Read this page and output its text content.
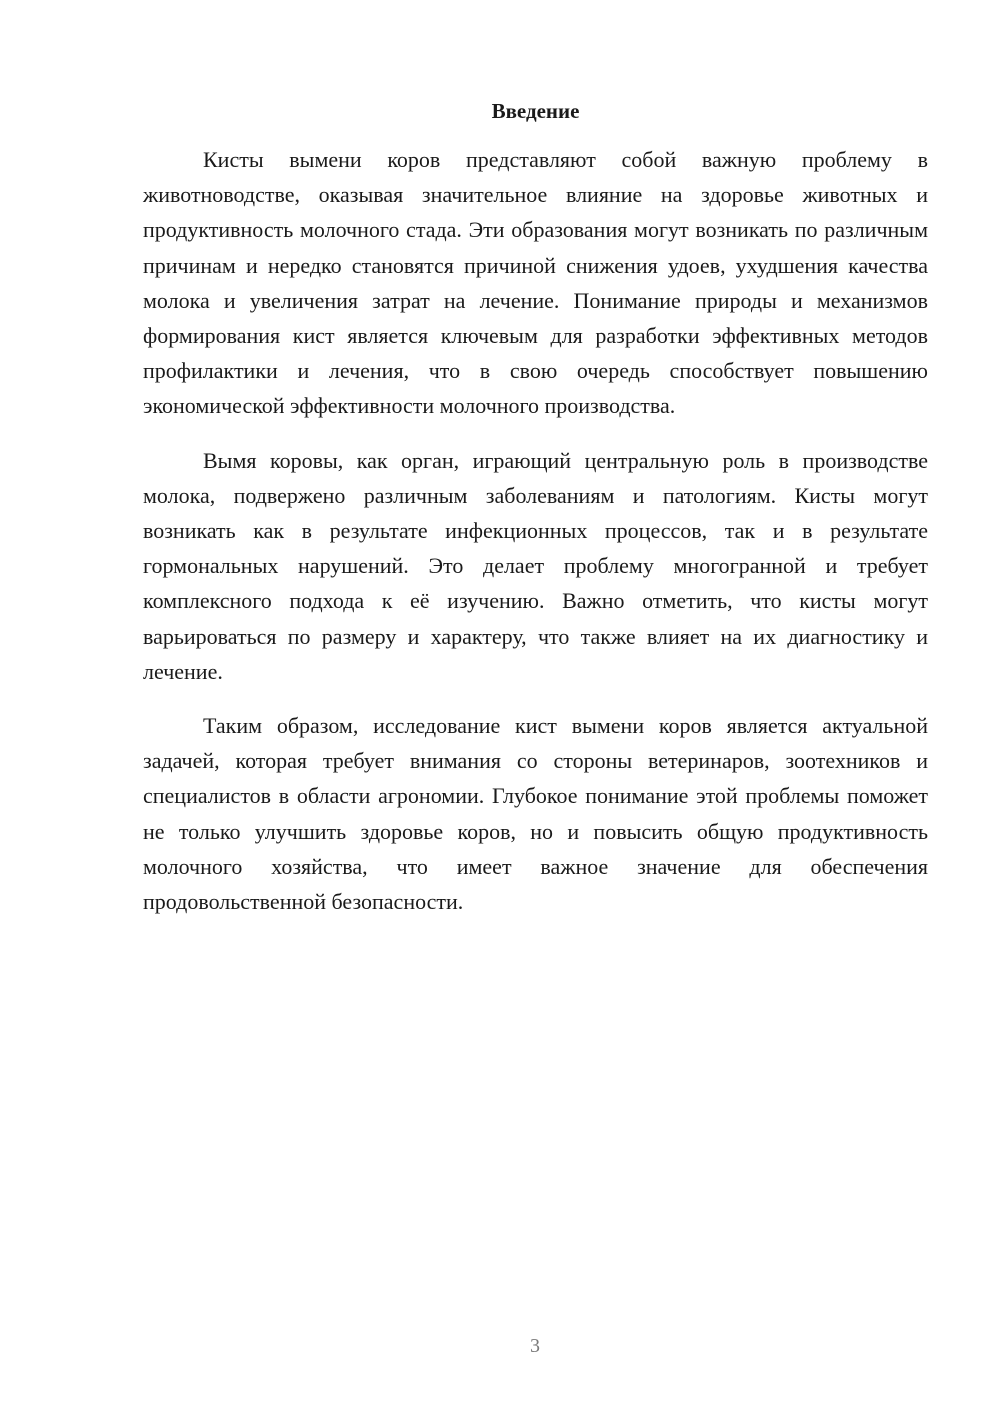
Введение

Кисты вымени коров представляют собой важную проблему в животноводстве, оказывая значительное влияние на здоровье животных и продуктивность молочного стада. Эти образования могут возникать по различным причинам и нередко становятся причиной снижения удоев, ухудшения качества молока и увеличения затрат на лечение. Понимание природы и механизмов формирования кист является ключевым для разработки эффективных методов профилактики и лечения, что в свою очередь способствует повышению экономической эффективности молочного производства.

Вымя коровы, как орган, играющий центральную роль в производстве молока, подвержено различным заболеваниям и патологиям. Кисты могут возникать как в результате инфекционных процессов, так и в результате гормональных нарушений. Это делает проблему многогранной и требует комплексного подхода к её изучению. Важно отметить, что кисты могут варьироваться по размеру и характеру, что также влияет на их диагностику и лечение.

Таким образом, исследование кист вымени коров является актуальной задачей, которая требует внимания со стороны ветеринаров, зоотехников и специалистов в области агрономии. Глубокое понимание этой проблемы поможет не только улучшить здоровье коров, но и повысить общую продуктивность молочного хозяйства, что имеет важное значение для обеспечения продовольственной безопасности.

3
